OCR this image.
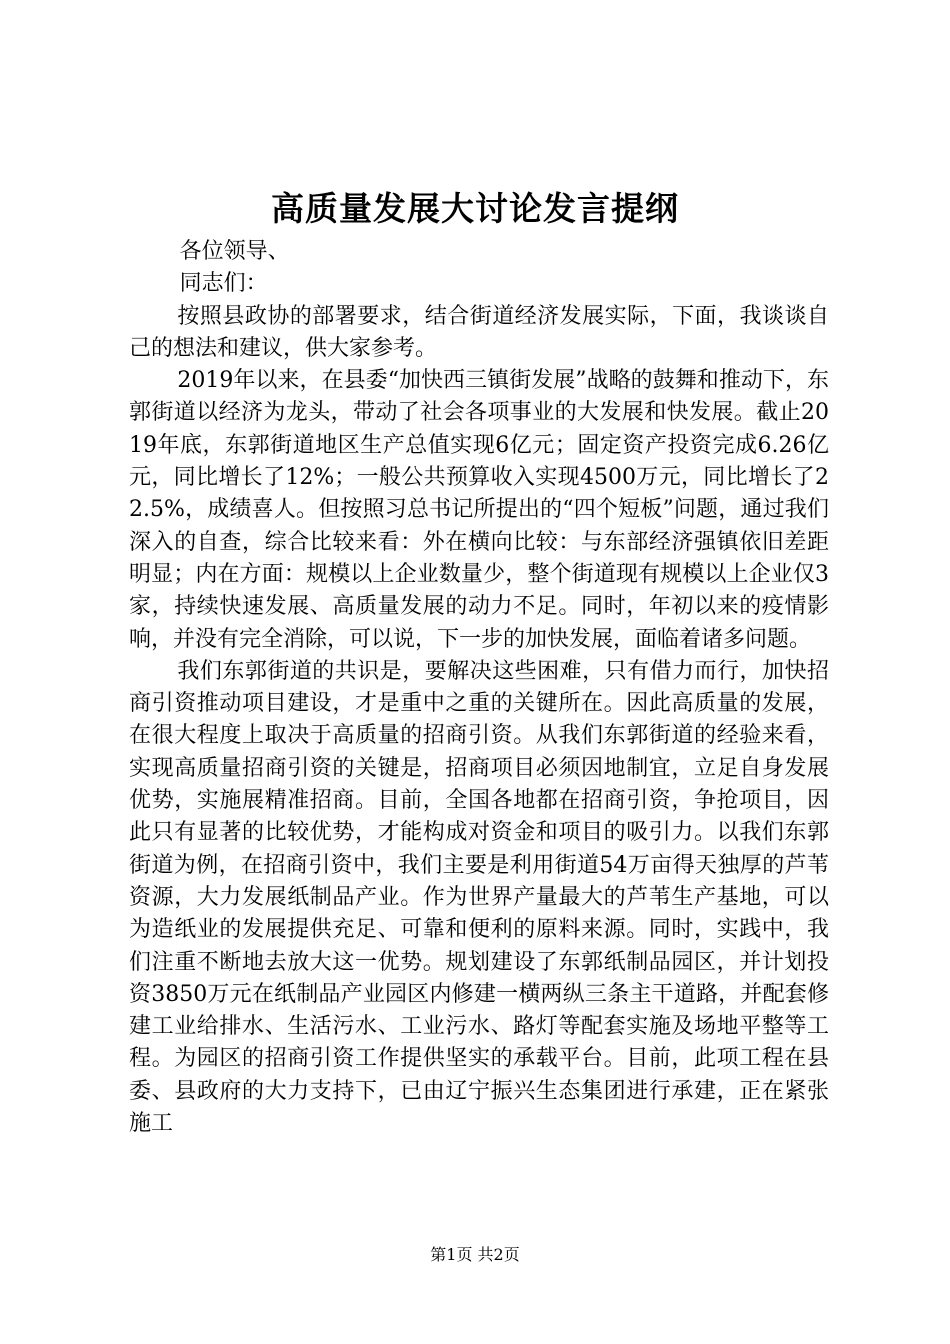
高质量发展大讨论发言提纲

各位领导、

同志们：

按照县政协的部署要求，结合街道经济发展实际，下面，我谈谈自己的想法和建议，供大家参考。

2019年以来，在县委“加快西三镇街发展”战略的鼓舞和推动下，东郭街道以经济为龙头，带动了社会各项事业的大发展和快发展。截止2019年底，东郭街道地区生产总值实现6亿元；固定资产投资完成6.26亿元，同比增长了12%；一般公共预算收入实现4500万元，同比增长了22.5%，成绩喜人。但按照习总书记所提出的“四个短板”问题，通过我们深入的自查，综合比较来看：外在横向比较：与东部经济强镇依旧差距明显；内在方面：规模以上企业数量少，整个街道现有规模以上企业仅3家，持续快速发展、高质量发展的动力不足。同时，年初以来的疫情影响，并没有完全消除，可以说，下一步的加快发展，面临着诸多问题。

我们东郭街道的共识是，要解决这些困难，只有借力而行，加快招商引资推动项目建设，才是重中之重的关键所在。因此高质量的发展，在很大程度上取决于高质量的招商引资。从我们东郭街道的经验来看，实现高质量招商引资的关键是，招商项目必须因地制宜，立足自身发展优势，实施展精准招商。目前，全国各地都在招商引资，争抢项目，因此只有显著的比较优势，才能构成对资金和项目的吸引力。以我们东郭街道为例，在招商引资中，我们主要是利用街道54万亩得天独厚的芦苇资源，大力发展纸制品产业。作为世界产量最大的芦苇生产基地，可以为造纸业的发展提供充足、可靠和便利的原料来源。同时，实践中，我们注重不断地去放大这一优势。规划建设了东郭纸制品园区，并计划投资3850万元在纸制品产业园区内修建一横两纵三条主干道路，并配套修建工业给排水、生活污水、工业污水、路灯等配套实施及场地平整等工程。为园区的招商引资工作提供坚实的承载平台。目前，此项工程在县委、县政府的大力支持下，已由辽宁振兴生态集团进行承建，正在紧张施工

第1页 共2页
